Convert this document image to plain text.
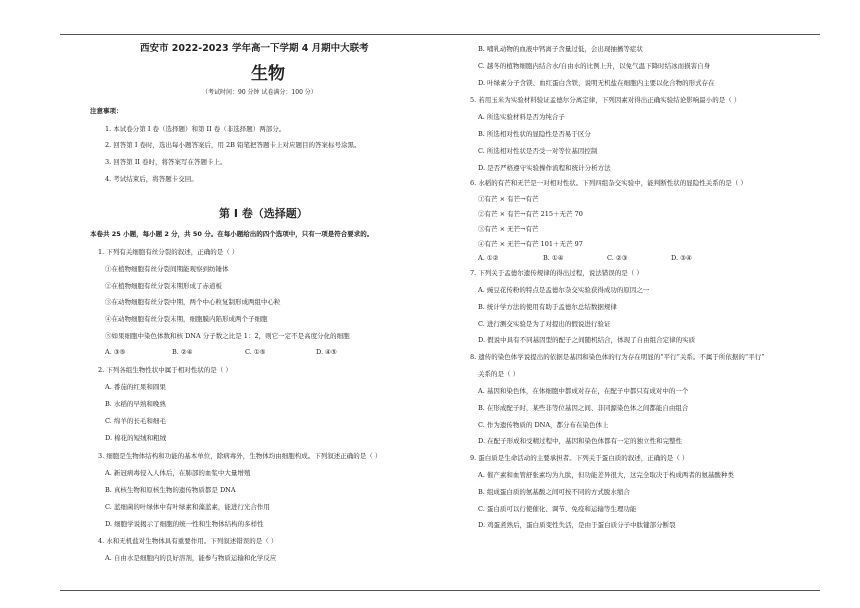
西安市 2022-2023 学年高一下学期 4 月期中大联考
生物
（考试时间：90 分钟 试卷满分：100 分）
注意事项：
1. 本试卷分第 I 卷（选择题）和第 II 卷（非选择题）两部分。
2. 回答第 I 卷时，选出每小题答案后，用 2B 铅笔把答题卡上对应题目的答案标号涂黑。
3. 回答第 II 卷时，将答案写在答题卡上。
4. 考试结束后，将答题卡交回。
第 I 卷（选择题）
本卷共 25 小题，每小题 2 分，共 50 分。在每小题给出的四个选项中，只有一项是符合要求的。
1. 下列有关细胞有丝分裂的叙述，正确的是（ ）
①在植物细胞有丝分裂间期能观察到纺锤体
②在植物细胞有丝分裂末期形成了赤道板
③在动物细胞有丝分裂中期，两个中心粒复制形成两组中心粒
④在动物细胞有丝分裂末期，细胞膜内陷形成两个子细胞
⑤如果细胞中染色体数和核 DNA 分子数之比是 1：2，则它一定不是高度分化的细胞
A. ③⑤	B. ②④	C. ①⑤	D. ④⑤
2. 下列各组生物性状中属于相对性状的是（ ）
A. 番茄的红果和圆果
B. 水稻的早熟和晚熟
C. 绵羊的长毛和细毛
D. 棉花的短绒和粗绒
3. 细胞是生物体结构和功能的基本单位，除病毒外，生物体均由细胞构成。下列叙述正确的是（ ）
A. 新冠病毒侵入人体后，在肺部的血浆中大量增殖
B. 真核生物和原核生物的遗传物质都是 DNA
C. 蓝细菌的叶绿体中有叶绿素和藻蓝素，能进行光合作用
D. 细胞学说揭示了细胞的统一性和生物体结构的多样性
4. 水和无机盐对生物体具有重要作用。下列叙述错误的是（ ）
A. 自由水是细胞内的良好溶剂，能参与物质运输和化学反应
B. 哺乳动物的血液中钙离子含量过低，会出现抽搐等症状
C. 越冬的植物细胞内结合水/自由水的比例上升，以免气温下降时结冰而损害自身
D. 叶绿素分子含镁、血红蛋白含铁，说明无机盐在细胞内主要以化合物的形式存在
5. 若用玉米为实验材料验证孟德尔分离定律，下列因素对得出正确实验结论影响最小的是（ ）
A. 所选实验材料是否为纯合子
B. 所选相对性状的显隐性是否易于区分
C. 所选相对性状是否受一对等位基因控制
D. 是否严格遵守实验操作流程和统计分析方法
6. 水稻的有芒和无芒是一对相对性状。下列四组杂交实验中，能判断性状的显隐性关系的是（ ）
①有芒 × 有芒→有芒
②有芒 × 有芒→有芒 215＋无芒 70
③有芒 × 无芒→有芒
④有芒 × 无芒→有芒 101＋无芒 97
A. ①②	B. ①④	C. ②③	D. ③④
7. 下列关于孟德尔遗传规律的得出过程，说法错误的是（ ）
A. 豌豆花传粉的特点是孟德尔杂交实验获得成功的原因之一
B. 统计学方法的使用有助于孟德尔总结数据规律
C. 进行测交实验是为了对提出的假说进行验证
D. 假说中具有不同基因型的配子之间随机结合，体现了自由组合定律的实质
8. 遗传的染色体学说提出的依据是基因和染色体的行为存在明显的“平行”关系。不属于所依据的“平行”
关系的是（ ）
A. 基因和染色体，在体细胞中都成对存在，在配子中都只有成对中的一个
B. 在形成配子时，某些非等位基因之间、非同源染色体之间都能自由组合
C. 作为遗传物质的 DNA，都分布在染色体上
D. 在配子形成和受精过程中，基因和染色体都有一定的独立性和完整性
9. 蛋白质是生命活动的主要承担者。下列关于蛋白质的叙述，正确的是（ ）
A. 催产素和血管舒张素均为九肽，但功能差异很大，这完全取决于构成两者的氨基酸种类
B. 组成蛋白质的氨基酸之间可按不同的方式脱水缩合
C. 蛋白质可以行使催化、调节、免疫和运输等生理功能
D. 鸡蛋煮熟后，蛋白质变性失活，是由于蛋白质分子中肽键部分断裂
